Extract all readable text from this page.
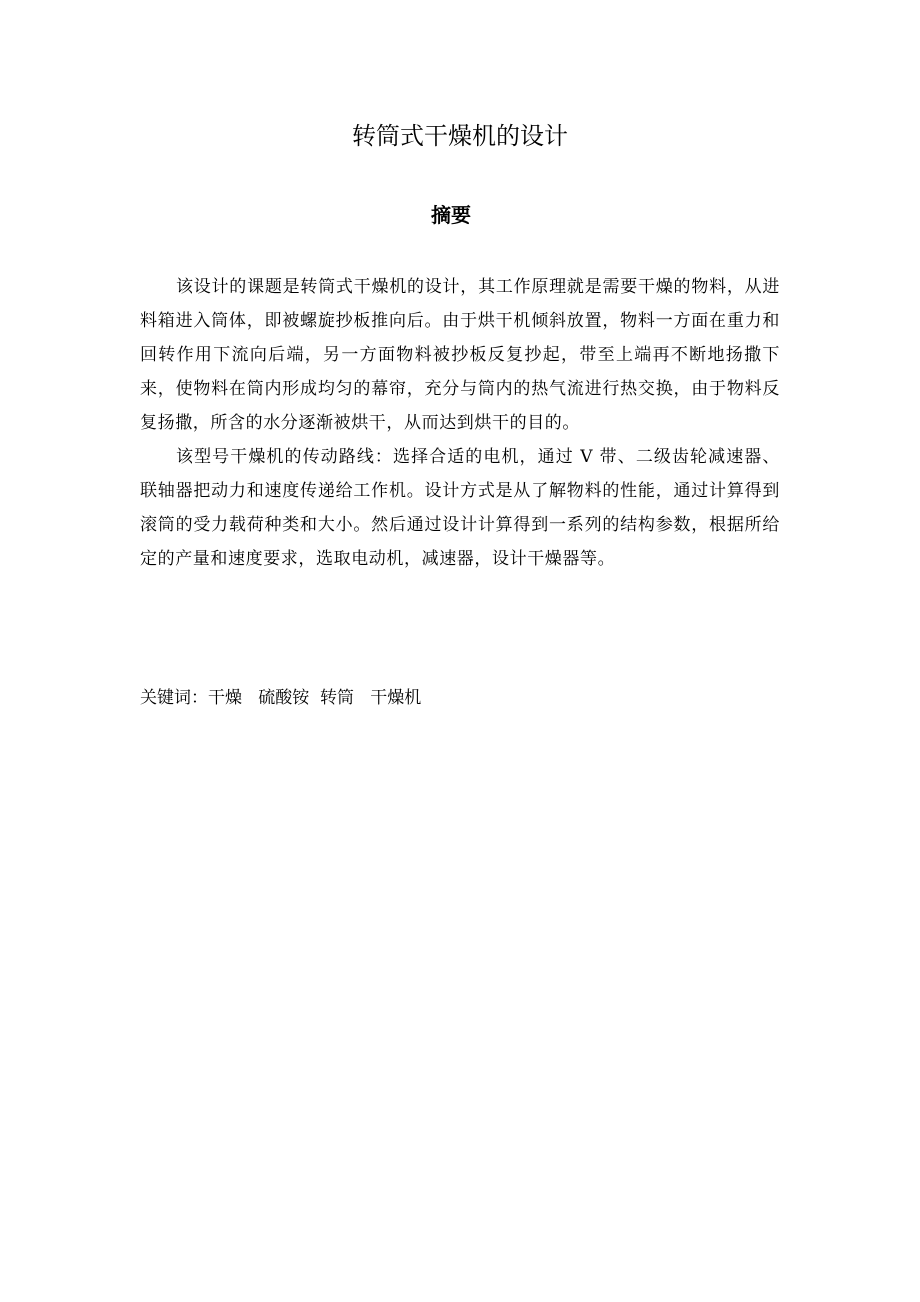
转筒式干燥机的设计
摘要

该设计的课题是转筒式干燥机的设计，其工作原理就是需要干燥的物料，从进料箱进入筒体，即被螺旋抄板推向后。由于烘干机倾斜放置，物料一方面在重力和回转作用下流向后端，另一方面物料被抄板反复抄起，带至上端再不断地扬撒下来，使物料在筒内形成均匀的幕帘，充分与筒内的热气流进行热交换，由于物料反复扬撒，所含的水分逐渐被烘干，从而达到烘干的目的。

该型号干燥机的传动路线：选择合适的电机，通过 V 带、二级齿轮减速器、联轴器把动力和速度传递给工作机。设计方式是从了解物料的性能，通过计算得到滚筒的受力载荷种类和大小。然后通过设计计算得到一系列的结构参数，根据所给定的产量和速度要求，选取电动机，减速器，设计干燥器等。

关键词：干燥   硫酸铵  转筒   干燥机
